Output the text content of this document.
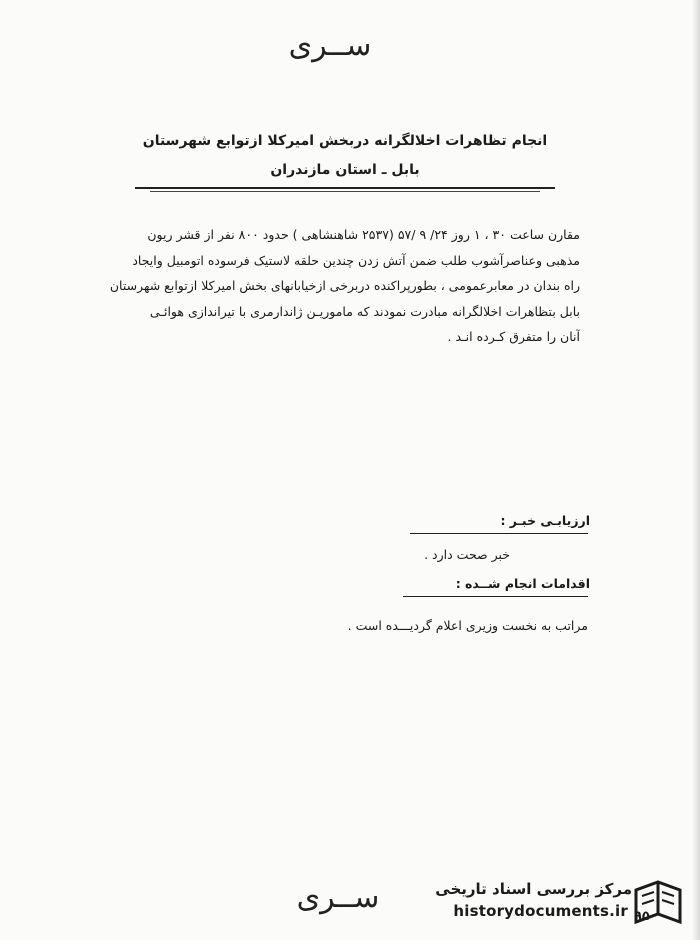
ســری
انجام تظاهرات اخلالگرانه دربخش امیرکلا ازتوابع شهرستان
بابل ـ استان مازندران
مقارن ساعت ۳۰ ، ۱ روز ۲۴/ ۹ /۵۷ (۲۵۳۷ شاهنشاهی ) حدود ۸۰۰ نفر از قشر ریون
مذهبی وعناصرآشوب طلب ضمن آتش زدن چندین حلقه لاستیک فرسوده اتومبیل وایجاد
راه بندان در معابرعمومی ، بطورپراکنده دربرخی ازخیابانهای بخش امیرکلا ازتوابع شهرستان
بابل بتظاهرات اخلالگرانه مبادرت نمودند که ماموریـن ژاندارمری با تیراندازی هوائـی
آنان را متفرق کـرده انـد .
ارزیابـی خبـر :
خبر صحت دارد .
اقدامات انجام شــده :
مراتب به نخست وزیری اعلام گردیـــده است .
ســری	مرکز بررسی اسناد تاریخی
historydocuments.ir ۹۵
